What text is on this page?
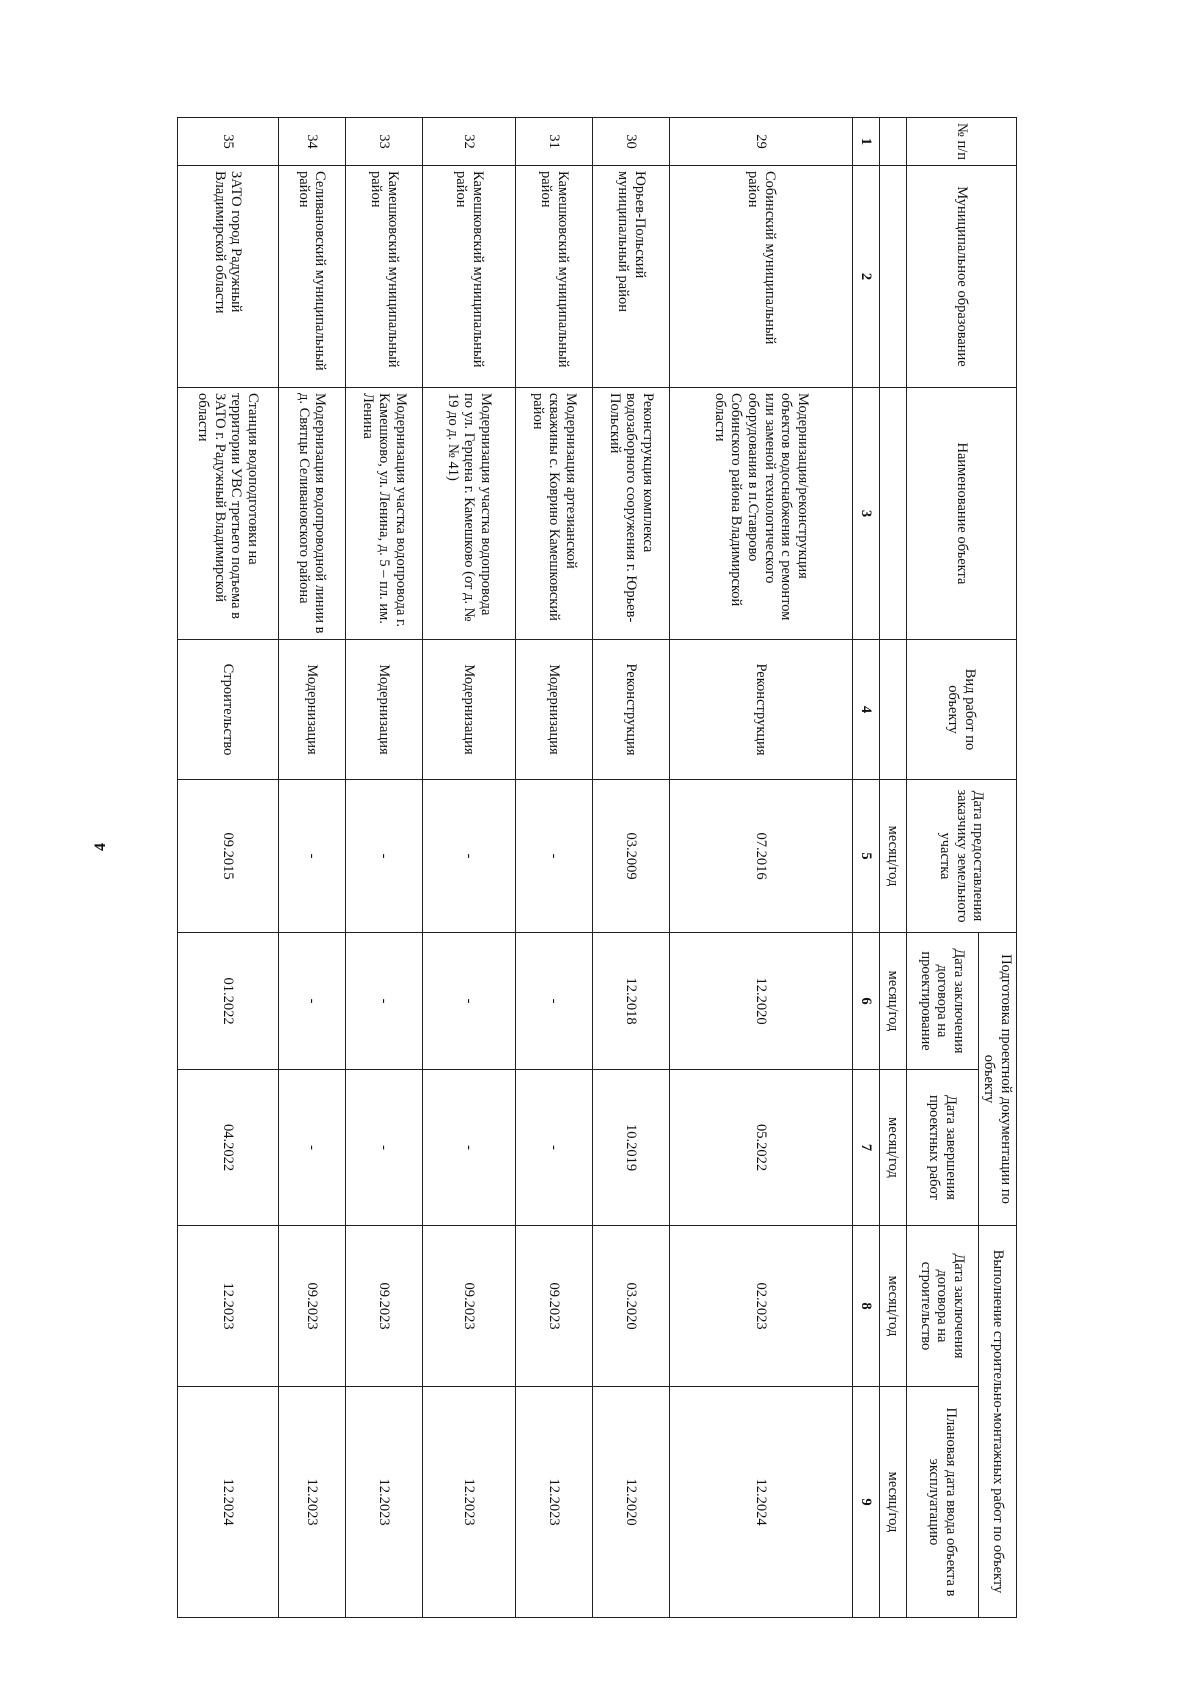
4
№ п/п	Муниципальное образование	Наименование объекта	Вид работ по объекту	Дата предоставления заказчику земельного участка	Подготовка проектной документации по объекту		Выполнение строительно-монтажных работ по объекту	
					Дата заключения договора на проектирование	Дата завершения проектных работ	Дата заключения договора на строительство	Плановая дата ввода объекта в эксплуатацию
				месяц/год	месяц/год	месяц/год	месяц/год	месяц/год
1	2	3	4	5	6	7	8	9
29	Собинский муниципальный район	Модернизация/реконструкция объектов водоснабжения с ремонтом или заменой технологического оборудования в п.Ставрово Собинского района Владимирской области	Реконструкция	07.2016	12.2020	05.2022	02.2023	12.2024
30	Юрьев-Польский муниципальный район	Реконструкция комплекса водозаборного сооружения г. Юрьев-Польский	Реконструкция	03.2009	12.2018	10.2019	03.2020	12.2020
31	Камешковский муниципальный район	Модернизация артезианской скважины с. Коврино Камешковский район	Модернизация	-	-	-	09.2023	12.2023
32	Камешковский муниципальный район	Модернизация участка водопровода по ул. Герцена г. Камешково (от д. № 19 до д. № 41)	Модернизация	-	-	-	09.2023	12.2023
33	Камешковский муниципальный район	Модернизация участка водопровода г. Камешково, ул. Ленина, д. 5 – пл. им. Ленина	Модернизация	-	-	-	09.2023	12.2023
34	Селивановский муниципальный район	Модернизация водопроводной линии в д. Святцы Селивановского района	Модернизация	-	-	-	09.2023	12.2023
35	ЗАТО город Радужный Владимирской области	Станция водоподготовки на территории УВС третьего подъема в ЗАТО г. Радужный Владимирской области	Строительство	09.2015	01.2022	04.2022	12.2023	12.2024
